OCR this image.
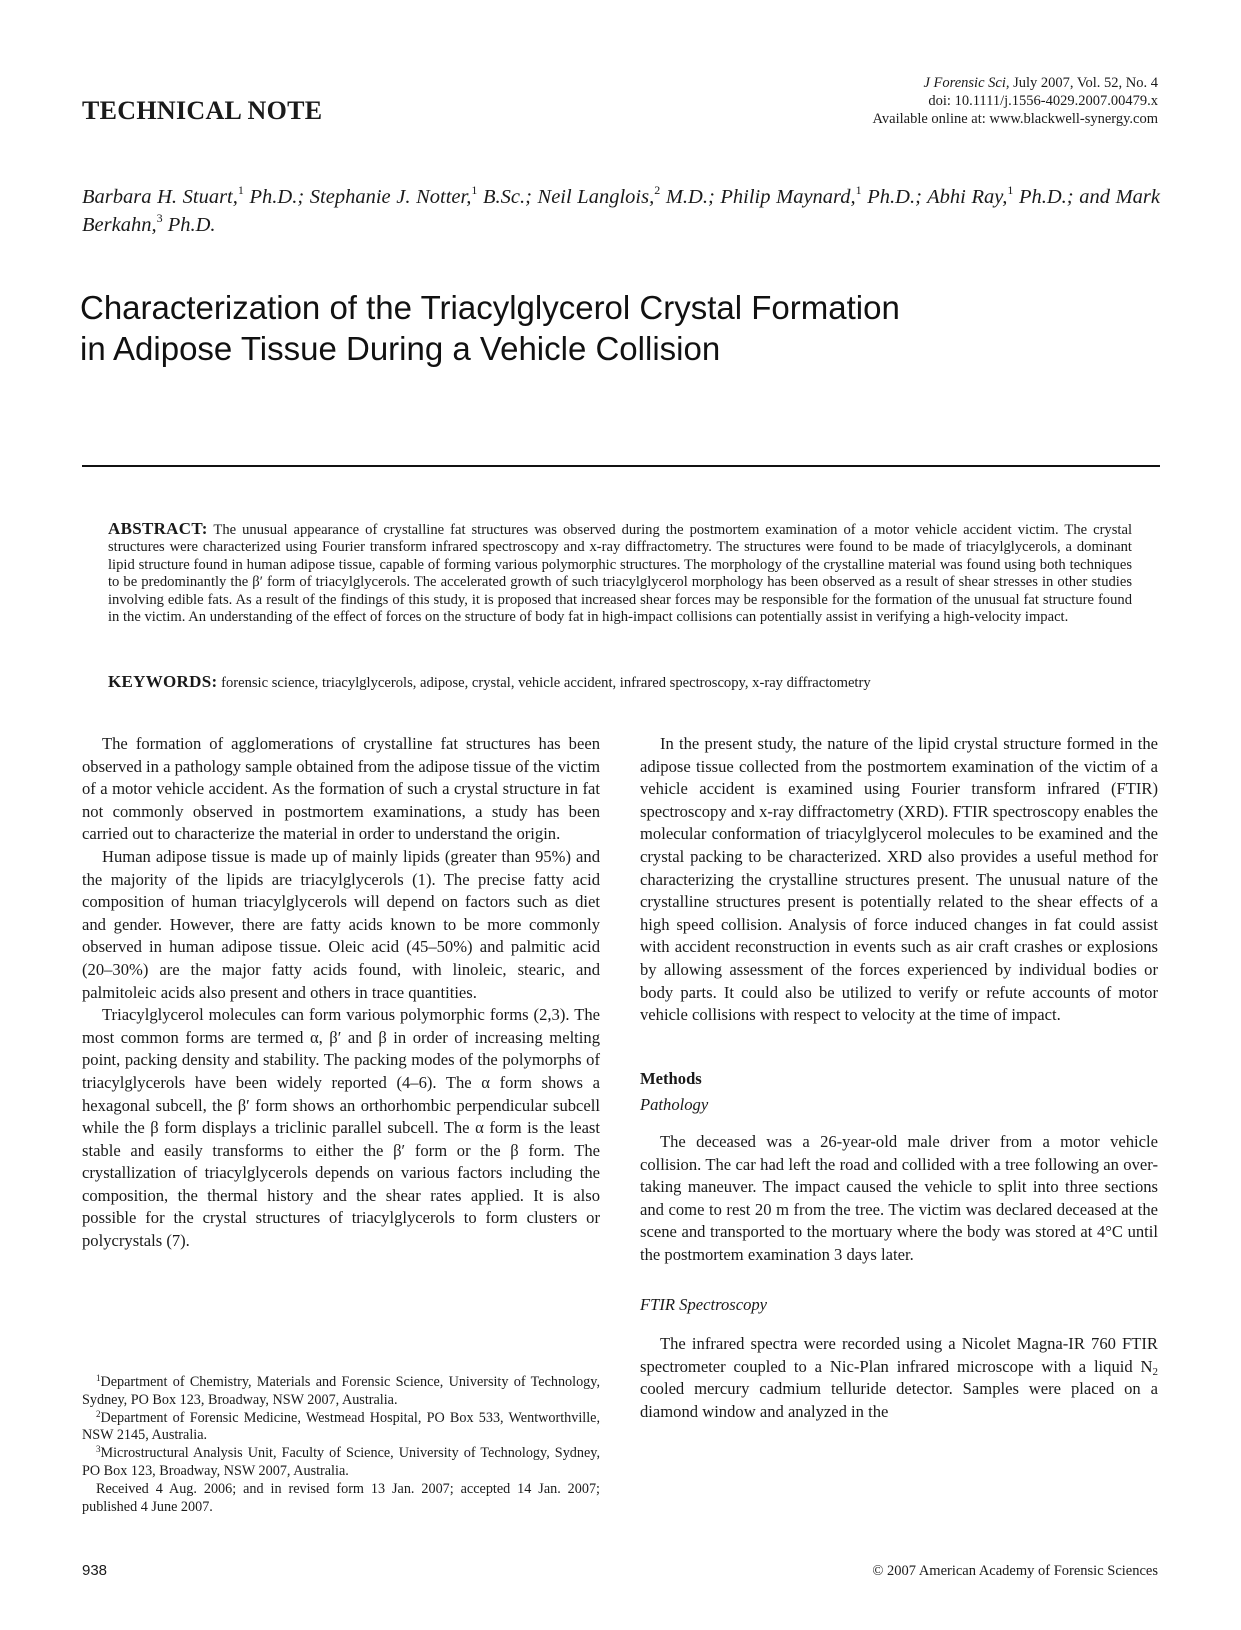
TECHNICAL NOTE
J Forensic Sci, July 2007, Vol. 52, No. 4
doi: 10.1111/j.1556-4029.2007.00479.x
Available online at: www.blackwell-synergy.com
Barbara H. Stuart,$^1$ Ph.D.; Stephanie J. Notter,$^1$ B.Sc.; Neil Langlois,$^2$ M.D.; Philip Maynard,$^1$ Ph.D.; Abhi Ray,$^1$ Ph.D.; and Mark Berkahn,$^3$ Ph.D.
Characterization of the Triacylglycerol Crystal Formation in Adipose Tissue During a Vehicle Collision
ABSTRACT: The unusual appearance of crystalline fat structures was observed during the postmortem examination of a motor vehicle accident victim. The crystal structures were characterized using Fourier transform infrared spectroscopy and x-ray diffractometry. The structures were found to be made of triacylglycerols, a dominant lipid structure found in human adipose tissue, capable of forming various polymorphic structures. The morphology of the crystalline material was found using both techniques to be predominantly the β′ form of triacylglycerols. The accelerated growth of such triacylglycerol morphology has been observed as a result of shear stresses in other studies involving edible fats. As a result of the findings of this study, it is proposed that increased shear forces may be responsible for the formation of the unusual fat structure found in the victim. An understanding of the effect of forces on the structure of body fat in high-impact collisions can potentially assist in verifying a high-velocity impact.
KEYWORDS: forensic science, triacylglycerols, adipose, crystal, vehicle accident, infrared spectroscopy, x-ray diffractometry

The formation of agglomerations of crystalline fat structures has been observed in a pathology sample obtained from the adipose tissue of the victim of a motor vehicle accident. As the formation of such a crystal structure in fat not commonly observed in postmortem examinations, a study has been carried out to characterize the material in order to understand the origin.

Human adipose tissue is made up of mainly lipids (greater than 95%) and the majority of the lipids are triacylglycerols (1). The precise fatty acid composition of human triacylglycerols will depend on factors such as diet and gender. However, there are fatty acids known to be more commonly observed in human adipose tissue. Oleic acid (45–50%) and palmitic acid (20–30%) are the major fatty acids found, with linoleic, stearic, and palmitoleic acids also present and others in trace quantities.

Triacylglycerol molecules can form various polymorphic forms (2,3). The most common forms are termed α, β′ and β in order of increasing melting point, packing density and stability. The packing modes of the polymorphs of triacylglycerols have been widely reported (4–6). The α form shows a hexagonal subcell, the β′ form shows an orthorhombic perpendicular subcell while the β form displays a triclinic parallel subcell. The α form is the least stable and easily transforms to either the β′ form or the β form. The crystallization of triacylglycerols depends on various factors including the composition, the thermal history and the shear rates applied. It is also possible for the crystal structures of triacylglycerols to form clusters or polycrystals (7).

$^1$Department of Chemistry, Materials and Forensic Science, University of Technology, Sydney, PO Box 123, Broadway, NSW 2007, Australia.

$^2$Department of Forensic Medicine, Westmead Hospital, PO Box 533, Wentworthville, NSW 2145, Australia.

$^3$Microstructural Analysis Unit, Faculty of Science, University of Technology, Sydney, PO Box 123, Broadway, NSW 2007, Australia.

Received 4 Aug. 2006; and in revised form 13 Jan. 2007; accepted 14 Jan. 2007; published 4 June 2007.

In the present study, the nature of the lipid crystal structure formed in the adipose tissue collected from the postmortem examination of the victim of a vehicle accident is examined using Fourier transform infrared (FTIR) spectroscopy and x-ray diffractometry (XRD). FTIR spectroscopy enables the molecular conformation of triacylglycerol molecules to be examined and the crystal packing to be characterized. XRD also provides a useful method for characterizing the crystalline structures present. The unusual nature of the crystalline structures present is potentially related to the shear effects of a high speed collision. Analysis of force induced changes in fat could assist with accident reconstruction in events such as air craft crashes or explosions by allowing assessment of the forces experienced by individual bodies or body parts. It could also be utilized to verify or refute accounts of motor vehicle collisions with respect to velocity at the time of impact.

Methods
Pathology

The deceased was a 26-year-old male driver from a motor vehicle collision. The car had left the road and collided with a tree following an over-taking maneuver. The impact caused the vehicle to split into three sections and come to rest 20 m from the tree. The victim was declared deceased at the scene and transported to the mortuary where the body was stored at 4°C until the postmortem examination 3 days later.

FTIR Spectroscopy

The infrared spectra were recorded using a Nicolet Magna-IR 760 FTIR spectrometer coupled to a Nic-Plan infrared microscope with a liquid $N_2$ cooled mercury cadmium telluride detector. Samples were placed on a diamond window and analyzed in the

938	© 2007 American Academy of Forensic Sciences
